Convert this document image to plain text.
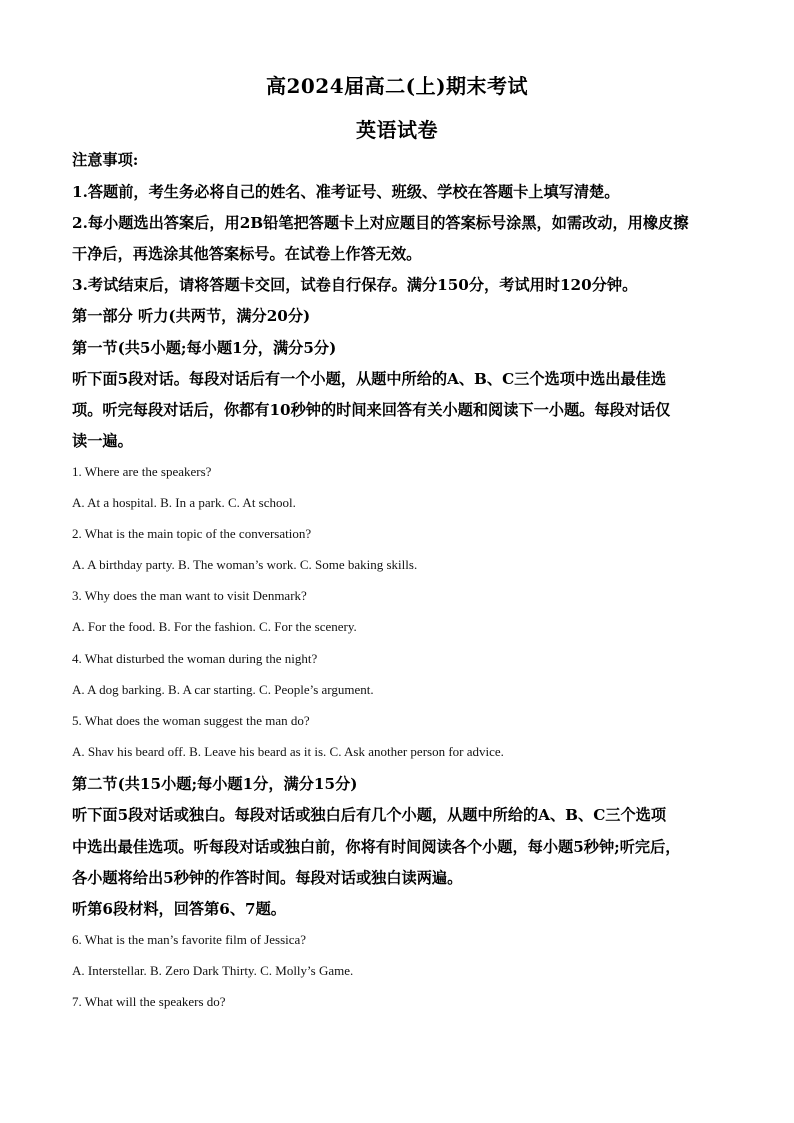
高2024届高二(上)期末考试
英语试卷
注意事项:
1.答题前，考生务必将自己的姓名、准考证号、班级、学校在答题卡上填写清楚。
2.每小题选出答案后，用2B铅笔把答题卡上对应题目的答案标号涂黑，如需改动，用橡皮擦
干净后，再选涂其他答案标号。在试卷上作答无效。
3.考试结束后，请将答题卡交回，试卷自行保存。满分150分，考试用时120分钟。
第一部分 听力(共两节，满分20分)
第一节(共5小题;每小题1分，满分5分)
听下面5段对话。每段对话后有一个小题，从题中所给的A、B、C三个选项中选出最佳选
项。听完每段对话后，你都有10秒钟的时间来回答有关小题和阅读下一小题。每段对话仅
读一遍。
1. Where are the speakers?
A. At a hospital. B. In a park. C. At school.
2. What is the main topic of the conversation?
A. A birthday party. B. The woman’s work. C. Some baking skills.
3. Why does the man want to visit Denmark?
A. For the food. B. For the fashion. C. For the scenery.
4. What disturbed the woman during the night?
A. A dog barking. B. A car starting. C. People’s argument.
5. What does the woman suggest the man do?
A. Shav his beard off. B. Leave his beard as it is. C. Ask another person for advice.
第二节(共15小题;每小题1分，满分15分)
听下面5段对话或独白。每段对话或独白后有几个小题，从题中所给的A、B、C三个选项
中选出最佳选项。听每段对话或独白前，你将有时间阅读各个小题，每小题5秒钟;听完后，
各小题将给出5秒钟的作答时间。每段对话或独白读两遍。
听第6段材料，回答第6、7题。
6. What is the man’s favorite film of Jessica?
A. Interstellar. B. Zero Dark Thirty. C. Molly’s Game.
7. What will the speakers do?
